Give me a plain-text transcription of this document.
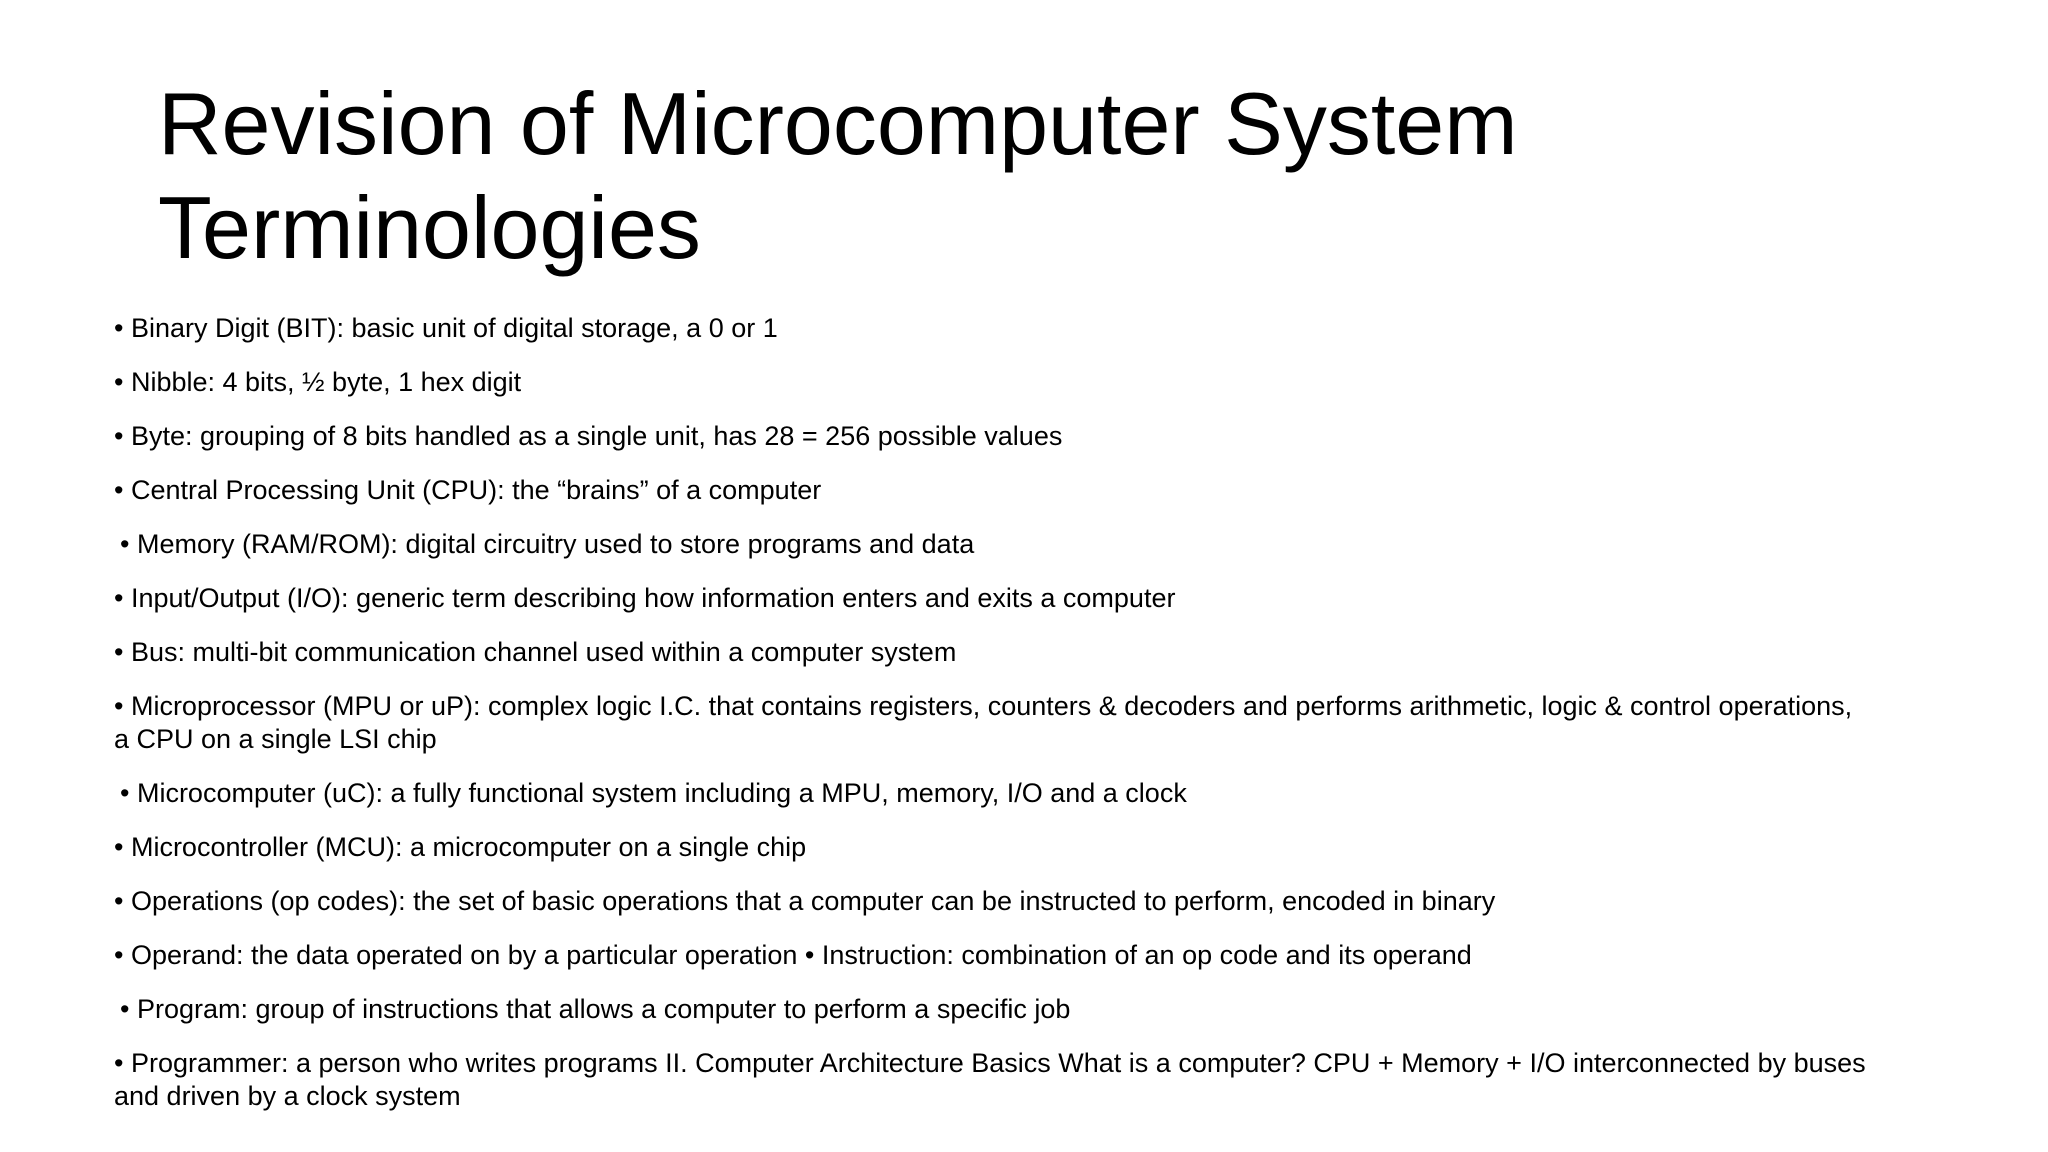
Revision of Microcomputer System
Terminologies
• Binary Digit (BIT): basic unit of digital storage, a 0 or 1
• Nibble: 4 bits, ½ byte, 1 hex digit
• Byte: grouping of 8 bits handled as a single unit, has 28 = 256 possible values
• Central Processing Unit (CPU): the “brains” of a computer
• Memory (RAM/ROM): digital circuitry used to store programs and data
• Input/Output (I/O): generic term describing how information enters and exits a computer
• Bus: multi-bit communication channel used within a computer system
• Microprocessor (MPU or uP): complex logic I.C. that contains registers, counters & decoders and performs arithmetic, logic & control operations,
a CPU on a single LSI chip
• Microcomputer (uC): a fully functional system including a MPU, memory, I/O and a clock
• Microcontroller (MCU): a microcomputer on a single chip
• Operations (op codes): the set of basic operations that a computer can be instructed to perform, encoded in binary
• Operand: the data operated on by a particular operation • Instruction: combination of an op code and its operand
• Program: group of instructions that allows a computer to perform a specific job
• Programmer: a person who writes programs II. Computer Architecture Basics What is a computer? CPU + Memory + I/O interconnected by buses
and driven by a clock system
